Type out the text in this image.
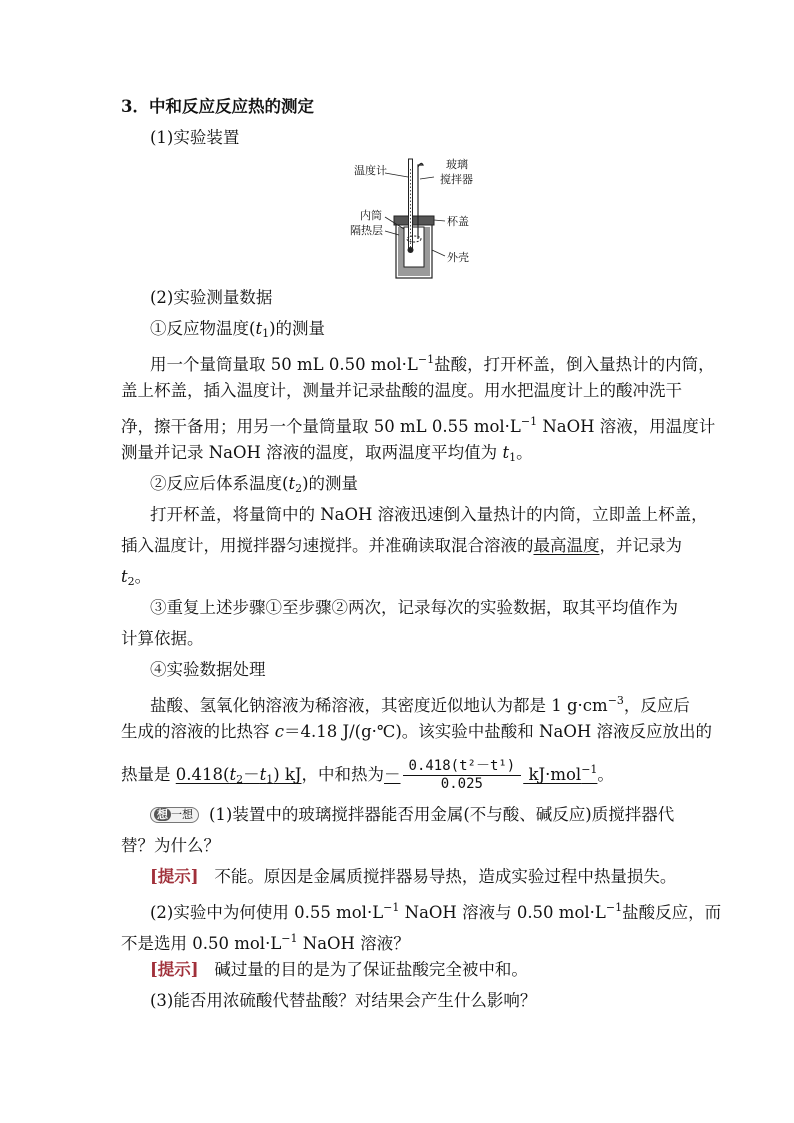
3．中和反应反应热的测定
(1)实验装置
温度计	玻璃
搅拌器
内筒
隔热层
杯盖
外壳
(2)实验测量数据
①反应物温度$(t_1)$的测量
用一个量筒量取 50 mL 0.50 $mol\cdot L^{-1}$盐酸，打开杯盖，倒入量热计的内筒，
盖上杯盖，插入温度计，测量并记录盐酸的温度。用水把温度计上的酸冲洗干
净，擦干备用；用另一个量筒量取 50 mL 0.55 $mol\cdot L^{-1}$ NaOH 溶液，用温度计
测量并记录 NaOH 溶液的温度，取两温度平均值为 $t_1$。
②反应后体系温度$(t_2)$的测量
打开杯盖，将量筒中的 NaOH 溶液迅速倒入量热计的内筒，立即盖上杯盖，
插入温度计，用搅拌器匀速搅拌。并准确读取混合溶液的最高温度，并记录为
$t_2$。
③重复上述步骤①至步骤②两次，记录每次的实验数据，取其平均值作为
计算依据。
④实验数据处理
盐酸、氢氧化钠溶液为稀溶液，其密度近似地认为都是 1 $g\cdot cm^{-3}$，反应后
生成的溶液的比热容 c＝4.18 J/(g·℃)。该实验中盐酸和 NaOH 溶液反应放出的
热量是 $0.418(t_2-t_1)$ kJ，中和热为－ $\frac{\text{0.418(t²－t¹)}}{0.025} kJ\cdot mol^{-1}$。
想 一想 (1)装置中的玻璃搅拌器能否用金属(不与酸、碱反应)质搅拌器代
替？为什么？
[提示] 不能。原因是金属质搅拌器易导热，造成实验过程中热量损失。
(2)实验中为何使用 0.55 $mol\cdot L^{-1}$ NaOH 溶液与 0.50 $mol\cdot L^{-1}$盐酸反应，而
不是选用 0.50 $mol\cdot L^{-1}$ NaOH 溶液？
[提示] 碱过量的目的是为了保证盐酸完全被中和。
(3)能否用浓硫酸代替盐酸？对结果会产生什么影响？
